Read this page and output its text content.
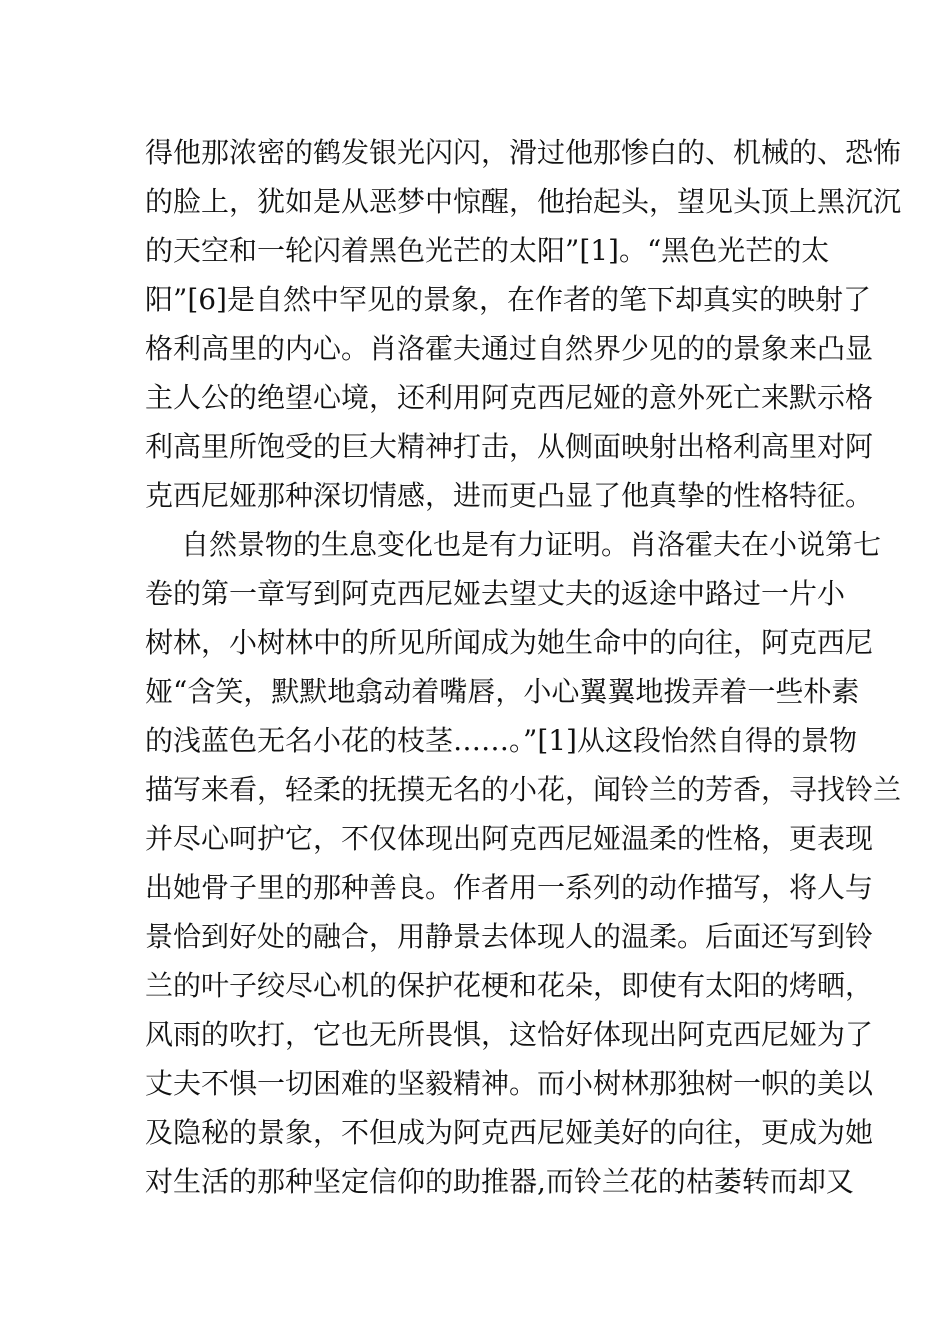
得他那浓密的鹤发银光闪闪，滑过他那惨白的、机械的、恐怖
的脸上，犹如是从恶梦中惊醒，他抬起头，望见头顶上黑沉沉
的天空和一轮闪着黑色光芒的太阳”[1]。“黑色光芒的太
阳”[6]是自然中罕见的景象，在作者的笔下却真实的映射了
格利高里的内心。肖洛霍夫通过自然界少见的的景象来凸显
主人公的绝望心境，还利用阿克西尼娅的意外死亡来默示格
利高里所饱受的巨大精神打击，从侧面映射出格利高里对阿
克西尼娅那种深切情感，进而更凸显了他真挚的性格特征。
自然景物的生息变化也是有力证明。肖洛霍夫在小说第七
卷的第一章写到阿克西尼娅去望丈夫的返途中路过一片小
树林，小树林中的所见所闻成为她生命中的向往，阿克西尼
娅“含笑，默默地翕动着嘴唇，小心翼翼地拨弄着一些朴素
的浅蓝色无名小花的枝茎……。”[1]从这段怡然自得的景物
描写来看，轻柔的抚摸无名的小花，闻铃兰的芳香，寻找铃兰
并尽心呵护它，不仅体现出阿克西尼娅温柔的性格，更表现
出她骨子里的那种善良。作者用一系列的动作描写，将人与
景恰到好处的融合，用静景去体现人的温柔。后面还写到铃
兰的叶子绞尽心机的保护花梗和花朵，即使有太阳的烤晒，
风雨的吹打，它也无所畏惧，这恰好体现出阿克西尼娅为了
丈夫不惧一切困难的坚毅精神。而小树林那独树一帜的美以
及隐秘的景象，不但成为阿克西尼娅美好的向往，更成为她
对生活的那种坚定信仰的助推器,而铃兰花的枯萎转而却又
